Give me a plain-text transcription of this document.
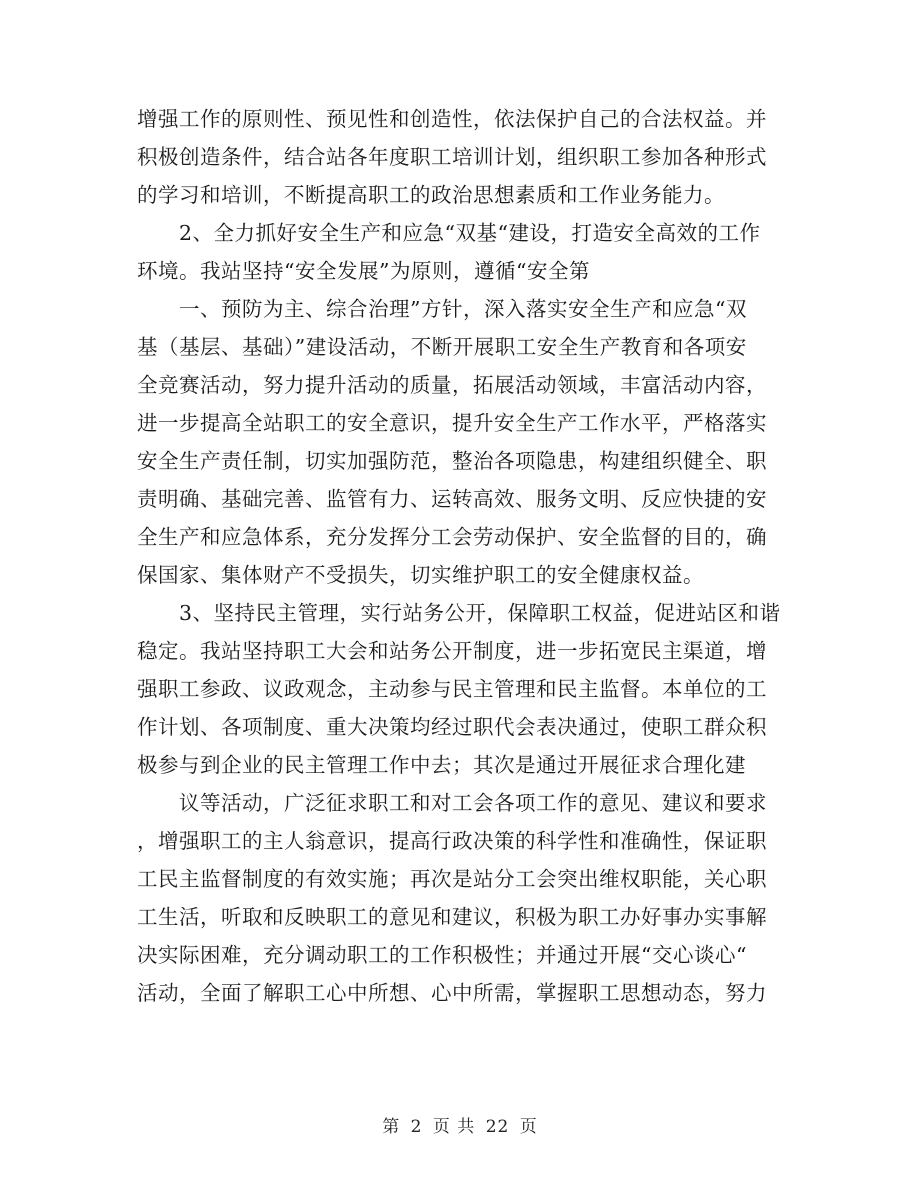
增强工作的原则性、预见性和创造性，依法保护自己的合法权益。并
积极创造条件，结合站各年度职工培训计划，组织职工参加各种形式
的学习和培训，不断提高职工的政治思想素质和工作业务能力。
2、全力抓好安全生产和应急“双基“建设，打造安全高效的工作
环境。我站坚持“安全发展”为原则，遵循“安全第
一、预防为主、综合治理”方针，深入落实安全生产和应急“双
基（基层、基础）”建设活动，不断开展职工安全生产教育和各项安
全竞赛活动，努力提升活动的质量，拓展活动领域，丰富活动内容，
进一步提高全站职工的安全意识，提升安全生产工作水平，严格落实
安全生产责任制，切实加强防范，整治各项隐患，构建组织健全、职
责明确、基础完善、监管有力、运转高效、服务文明、反应快捷的安
全生产和应急体系，充分发挥分工会劳动保护、安全监督的目的，确
保国家、集体财产不受损失，切实维护职工的安全健康权益。
3、坚持民主管理，实行站务公开，保障职工权益，促进站区和谐
稳定。我站坚持职工大会和站务公开制度，进一步拓宽民主渠道，增
强职工参政、议政观念，主动参与民主管理和民主监督。本单位的工
作计划、各项制度、重大决策均经过职代会表决通过，使职工群众积
极参与到企业的民主管理工作中去；其次是通过开展征求合理化建
议等活动，广泛征求职工和对工会各项工作的意见、建议和要求
，增强职工的主人翁意识，提高行政决策的科学性和准确性，保证职
工民主监督制度的有效实施；再次是站分工会突出维权职能，关心职
工生活，听取和反映职工的意见和建议，积极为职工办好事办实事解
决实际困难，充分调动职工的工作积极性；并通过开展“交心谈心“
活动，全面了解职工心中所想、心中所需，掌握职工思想动态，努力
第 2 页 共 22 页
